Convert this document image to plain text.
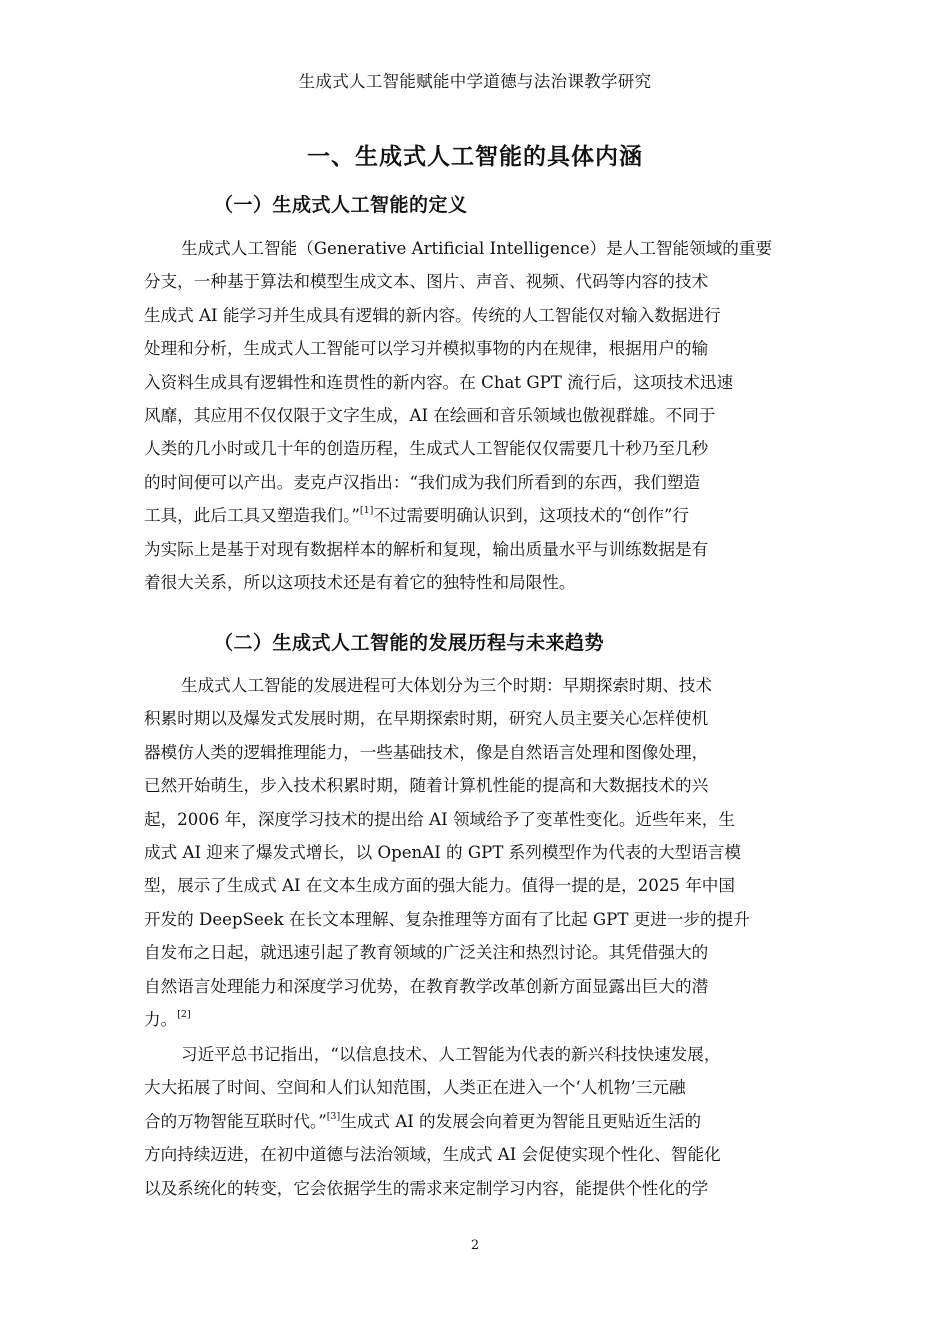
生成式人工智能赋能中学道德与法治课教学研究
一、生成式人工智能的具体内涵
（一）生成式人工智能的定义
生成式人工智能（Generative Artificial Intelligence）是人工智能领域的重要
分支，一种基于算法和模型生成文本、图片、声音、视频、代码等内容的技术
生成式 AI 能学习并生成具有逻辑的新内容。传统的人工智能仅对输入数据进行
处理和分析，生成式人工智能可以学习并模拟事物的内在规律，根据用户的输
入资料生成具有逻辑性和连贯性的新内容。在 Chat GPT 流行后，这项技术迅速
风靡，其应用不仅仅限于文字生成，AI 在绘画和音乐领域也傲视群雄。不同于
人类的几小时或几十年的创造历程，生成式人工智能仅仅需要几十秒乃至几秒
的时间便可以产出。麦克卢汉指出：“我们成为我们所看到的东西，我们塑造
工具，此后工具又塑造我们。”[1]不过需要明确认识到，这项技术的“创作”行
为实际上是基于对现有数据样本的解析和复现，输出质量水平与训练数据是有
着很大关系，所以这项技术还是有着它的独特性和局限性。
（二）生成式人工智能的发展历程与未来趋势
生成式人工智能的发展进程可大体划分为三个时期：早期探索时期、技术
积累时期以及爆发式发展时期，在早期探索时期，研究人员主要关心怎样使机
器模仿人类的逻辑推理能力，一些基础技术，像是自然语言处理和图像处理，
已然开始萌生，步入技术积累时期，随着计算机性能的提高和大数据技术的兴
起，2006 年，深度学习技术的提出给 AI 领域给予了变革性变化。近些年来，生
成式 AI 迎来了爆发式增长，以 OpenAI 的 GPT 系列模型作为代表的大型语言模
型，展示了生成式 AI 在文本生成方面的强大能力。值得一提的是，2025 年中国
开发的 DeepSeek 在长文本理解、复杂推理等方面有了比起 GPT 更进一步的提升
自发布之日起，就迅速引起了教育领域的广泛关注和热烈讨论。其凭借强大的
自然语言处理能力和深度学习优势，在教育教学改革创新方面显露出巨大的潜
力。[2]
习近平总书记指出，“以信息技术、人工智能为代表的新兴科技快速发展，
大大拓展了时间、空间和人们认知范围，人类正在进入一个‘人机物’三元融
合的万物智能互联时代。”[3]生成式 AI 的发展会向着更为智能且更贴近生活的
方向持续迈进，在初中道德与法治领域，生成式 AI 会促使实现个性化、智能化
以及系统化的转变，它会依据学生的需求来定制学习内容，能提供个性化的学
2
